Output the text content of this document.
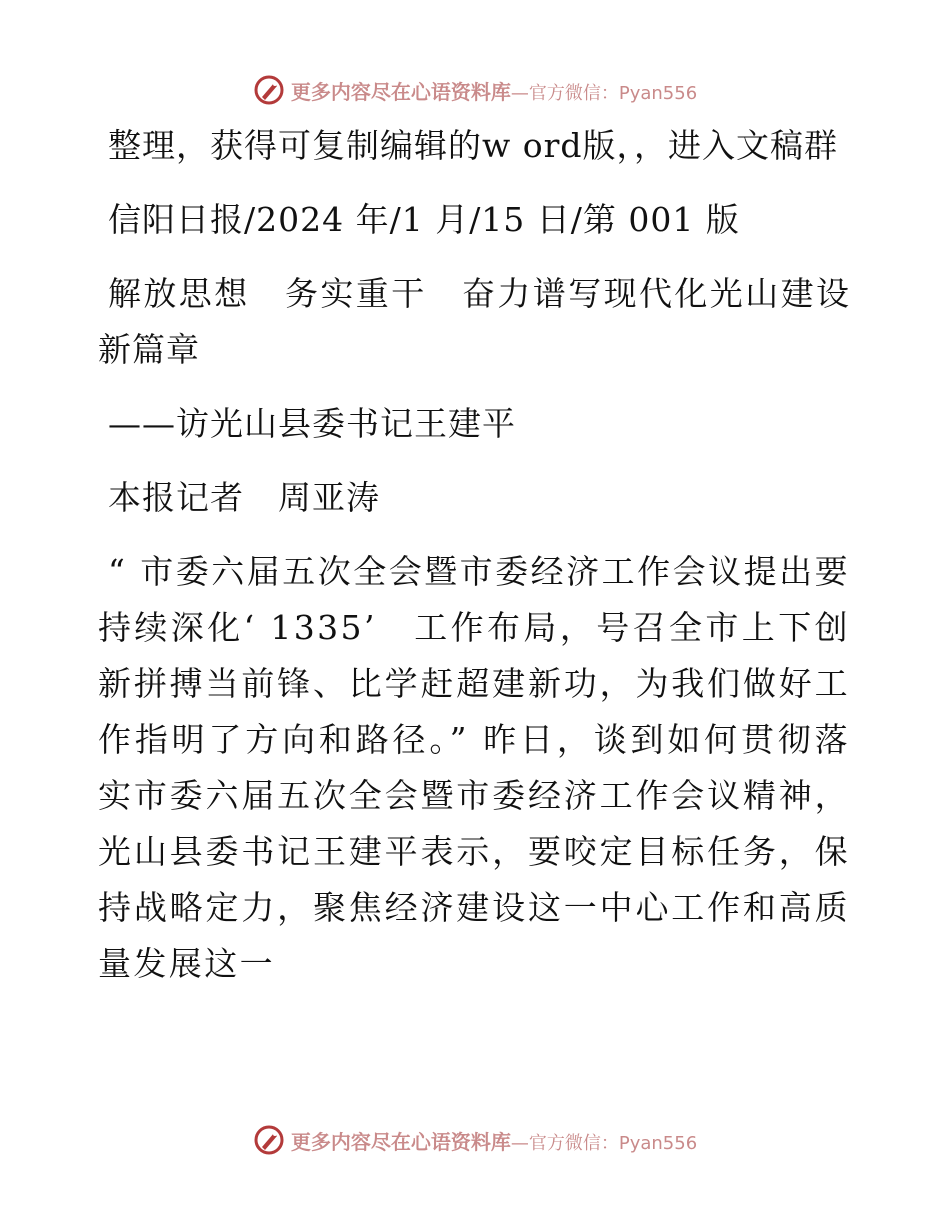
更多内容尽在心语资料库—官方微信：Pyan556

整理，获得可复制编辑的w ord版，，进入文稿群

信阳日报/2024 年/1 月/15 日/第 001 版

解放思想　务实重干　奋力谱写现代化光山建设新篇章

——访光山县委书记王建平

本报记者　周亚涛

“ 市委六届五次全会暨市委经济工作会议提出要持续深化‘ 1335’　工作布局，号召全市上下创新拼搏当前锋、比学赶超建新功，为我们做好工作指明了方向和路径。” 昨日，谈到如何贯彻落实市委六届五次全会暨市委经济工作会议精神，光山县委书记王建平表示，要咬定目标任务，保持战略定力，聚焦经济建设这一中心工作和高质量发展这一

更多内容尽在心语资料库—官方微信：Pyan556
